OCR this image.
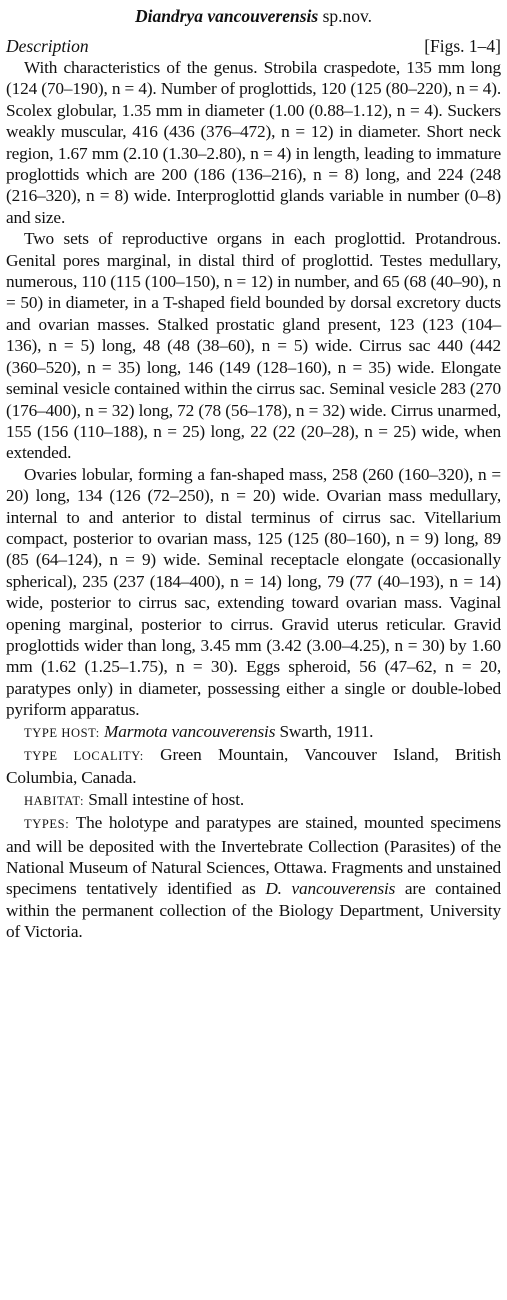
Diandrya vancouverensis sp.nov.
Description	[Figs. 1–4]

With characteristics of the genus. Strobila craspedote, 135 mm long (124 (70–190), n = 4). Number of proglottids, 120 (125 (80–220), n = 4). Scolex globular, 1.35 mm in diameter (1.00 (0.88–1.12), n = 4). Suckers weakly muscular, 416 (436 (376–472), n = 12) in diameter. Short neck region, 1.67 mm (2.10 (1.30–2.80), n = 4) in length, leading to immature proglottids which are 200 (186 (136–216), n = 8) long, and 224 (248 (216–320), n = 8) wide. Interproglottid glands variable in number (0–8) and size.

Two sets of reproductive organs in each proglottid. Protandrous. Genital pores marginal, in distal third of proglottid. Testes medullary, numerous, 110 (115 (100–150), n = 12) in number, and 65 (68 (40–90), n = 50) in diameter, in a T-shaped field bounded by dorsal excretory ducts and ovarian masses. Stalked prostatic gland present, 123 (123 (104–136), n = 5) long, 48 (48 (38–60), n = 5) wide. Cirrus sac 440 (442 (360–520), n = 35) long, 146 (149 (128–160), n = 35) wide. Elongate seminal vesicle contained within the cirrus sac. Seminal vesicle 283 (270 (176–400), n = 32) long, 72 (78 (56–178), n = 32) wide. Cirrus unarmed, 155 (156 (110–188), n = 25) long, 22 (22 (20–28), n = 25) wide, when extended.

Ovaries lobular, forming a fan-shaped mass, 258 (260 (160–320), n = 20) long, 134 (126 (72–250), n = 20) wide. Ovarian mass medullary, internal to and anterior to distal terminus of cirrus sac. Vitellarium compact, posterior to ovarian mass, 125 (125 (80–160), n = 9) long, 89 (85 (64–124), n = 9) wide. Seminal receptacle elongate (occasionally spherical), 235 (237 (184–400), n = 14) long, 79 (77 (40–193), n = 14) wide, posterior to cirrus sac, extending toward ovarian mass. Vaginal opening marginal, posterior to cirrus. Gravid uterus reticular. Gravid proglottids wider than long, 3.45 mm (3.42 (3.00–4.25), n = 30) by 1.60 mm (1.62 (1.25–1.75), n = 30). Eggs spheroid, 56 (47–62, n = 20, paratypes only) in diameter, possessing either a single or double-lobed pyriform apparatus.

TYPE HOST: Marmota vancouverensis Swarth, 1911.

TYPE LOCALITY: Green Mountain, Vancouver Island, British Columbia, Canada.

HABITAT: Small intestine of host.

TYPES: The holotype and paratypes are stained, mounted specimens and will be deposited with the Invertebrate Collection (Parasites) of the National Museum of Natural Sciences, Ottawa. Fragments and unstained specimens tentatively identified as D. vancouverensis are contained within the permanent collection of the Biology Department, University of Victoria.
